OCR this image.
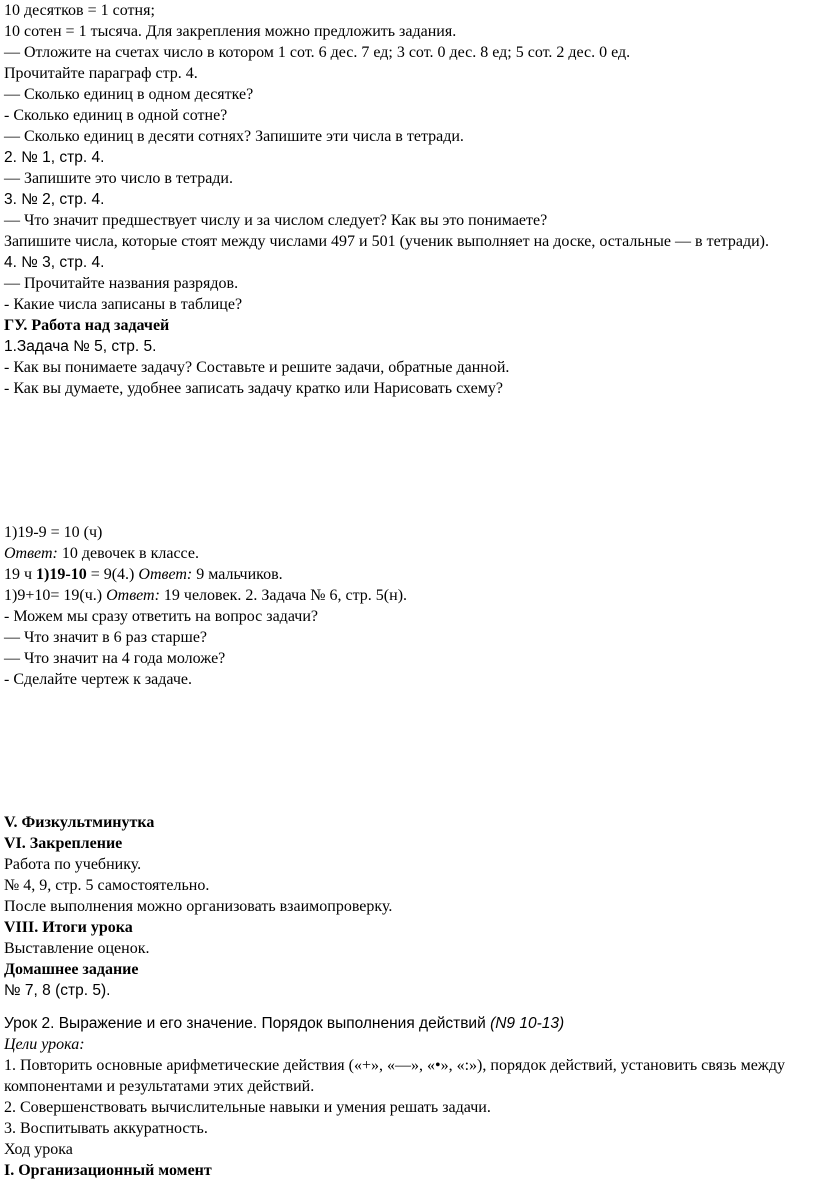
10 десятков = 1 сотня;
10 сотен = 1 тысяча. Для закрепления можно предложить задания.
— Отложите на счетах число в котором 1 сот. 6 дес. 7 ед; 3 сот. 0 дес. 8 ед; 5 сот. 2 дес. 0 ед.
Прочитайте параграф стр. 4.
— Сколько единиц в одном десятке?
- Сколько единиц в одной сотне?
— Сколько единиц в десяти сотнях? Запишите эти числа в тетради.
2. № 1, стр. 4.
— Запишите это число в тетради.
3. № 2, стр. 4.
— Что значит предшествует числу и за числом следует? Как вы это понимаете?
Запишите числа, которые стоят между числами 497 и 501 (ученик выполняет на доске, остальные — в тетради).
4. № 3, стр. 4.
— Прочитайте названия разрядов.
- Какие числа записаны в таблице?
ГУ. Работа над задачей
1.Задача № 5, стр. 5.
- Как вы понимаете задачу? Составьте и решите задачи, обратные данной.
- Как вы думаете, удобнее записать задачу кратко или Нарисовать схему?
1)19-9 = 10 (ч)
Ответ: 10 девочек в классе.
19 ч 1)19-10 = 9(4.) Ответ: 9 мальчиков.
1)9+10= 19(ч.) Ответ: 19 человек. 2. Задача № 6, стр. 5(н).
- Можем мы сразу ответить на вопрос задачи?
— Что значит в 6 раз старше?
— Что значит на 4 года моложе?
- Сделайте чертеж к задаче.
V. Физкультминутка
VI. Закрепление
Работа по учебнику.
№ 4, 9, стр. 5 самостоятельно.
После выполнения можно организовать взаимопроверку.
VIII. Итоги урока
Выставление оценок.
Домашнее задание
№ 7, 8 (стр. 5).
Урок 2. Выражение и его значение. Порядок выполнения действий (N9 10-13)
Цели урока:
1. Повторить основные арифметические действия («+», «—», «•», «:»), порядок действий, установить связь между компонентами и результатами этих действий.
2. Совершенствовать вычислительные навыки и умения решать задачи.
3. Воспитывать аккуратность.
Ход урока
I. Организационный момент
